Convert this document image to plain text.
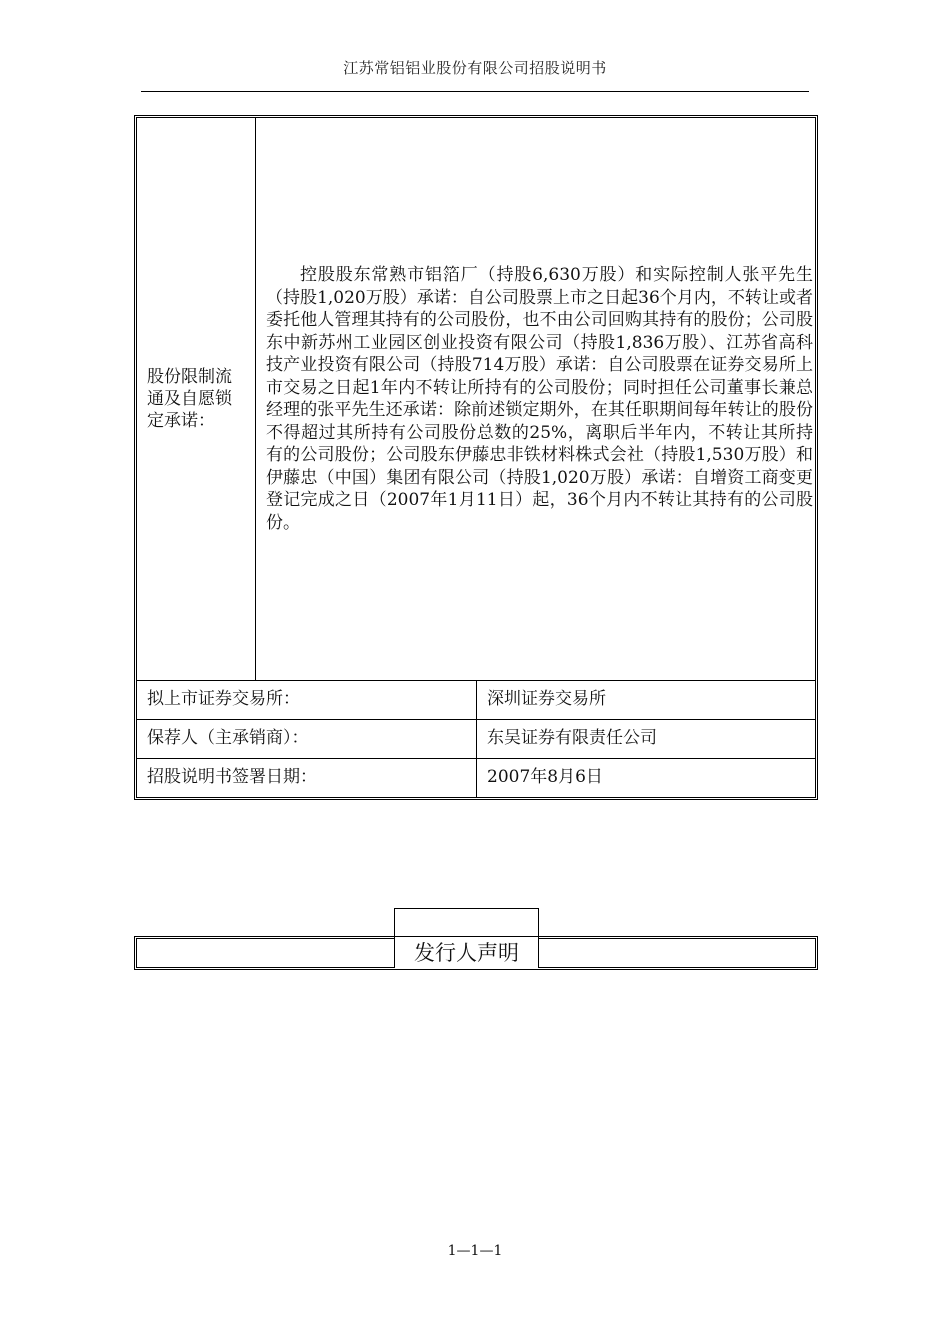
江苏常铝铝业股份有限公司招股说明书
股份限制流通及自愿锁定承诺：

控股股东常熟市铝箔厂（持股6,630万股）和实际控制人张平先生（持股1,020万股）承诺：自公司股票上市之日起36个月内，不转让或者委托他人管理其持有的公司股份，也不由公司回购其持有的股份；公司股东中新苏州工业园区创业投资有限公司（持股1,836万股）、江苏省高科技产业投资有限公司（持股714万股）承诺：自公司股票在证券交易所上市交易之日起1年内不转让所持有的公司股份；同时担任公司董事长兼总经理的张平先生还承诺：除前述锁定期外，在其任职期间每年转让的股份不得超过其所持有公司股份总数的25%，离职后半年内，不转让其所持有的公司股份；公司股东伊藤忠非铁材料株式会社（持股1,530万股）和伊藤忠（中国）集团有限公司（持股1,020万股）承诺：自增资工商变更登记完成之日（2007年1月11日）起，36个月内不转让其持有的公司股份。

拟上市证券交易所：	深圳证券交易所
保荐人（主承销商）：	东吴证券有限责任公司
招股说明书签署日期：	2007年8月6日
发行人声明
1—1—1
